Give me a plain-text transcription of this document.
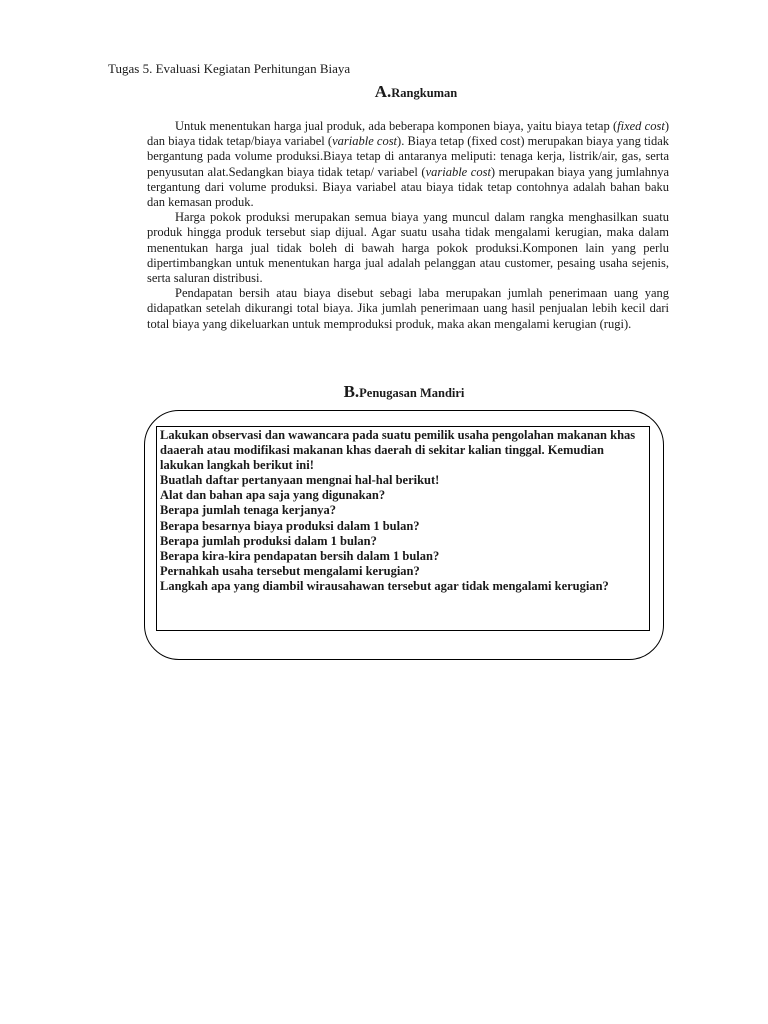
Tugas 5. Evaluasi Kegiatan Perhitungan Biaya
A.Rangkuman

Untuk menentukan harga jual produk, ada beberapa komponen biaya, yaitu biaya tetap (fixed cost) dan biaya tidak tetap/biaya variabel (variable cost). Biaya tetap (fixed cost) merupakan biaya yang tidak bergantung pada volume produksi.Biaya tetap di antaranya meliputi: tenaga kerja, listrik/air, gas, serta penyusutan alat.Sedangkan biaya tidak tetap/ variabel (variable cost) merupakan biaya yang jumlahnya tergantung dari volume produksi. Biaya variabel atau biaya tidak tetap contohnya adalah bahan baku dan kemasan produk.

Harga pokok produksi merupakan semua biaya yang muncul dalam rangka menghasilkan suatu produk hingga produk tersebut siap dijual. Agar suatu usaha tidak mengalami kerugian, maka dalam menentukan harga jual tidak boleh di bawah harga pokok produksi.Komponen lain yang perlu dipertimbangkan untuk menentukan harga jual adalah pelanggan atau customer, pesaing usaha sejenis, serta saluran distribusi.

Pendapatan bersih atau biaya disebut sebagi laba merupakan jumlah penerimaan uang yang didapatkan setelah dikurangi total biaya. Jika jumlah penerimaan uang hasil penjualan lebih kecil dari total biaya yang dikeluarkan untuk memproduksi produk, maka akan mengalami kerugian (rugi).

B.Penugasan Mandiri
Lakukan observasi dan wawancara pada suatu pemilik usaha pengolahan makanan khas daaerah atau modifikasi makanan khas daerah di sekitar kalian tinggal. Kemudian lakukan langkah berikut ini!
Buatlah daftar pertanyaan mengnai hal-hal berikut!
Alat dan bahan apa saja yang digunakan?
Berapa jumlah tenaga kerjanya?
Berapa besarnya biaya produksi dalam 1 bulan?
Berapa jumlah produksi dalam 1 bulan?
Berapa kira-kira pendapatan bersih dalam 1 bulan?
Pernahkah usaha tersebut mengalami kerugian?
Langkah apa yang diambil wirausahawan tersebut agar tidak mengalami kerugian?
